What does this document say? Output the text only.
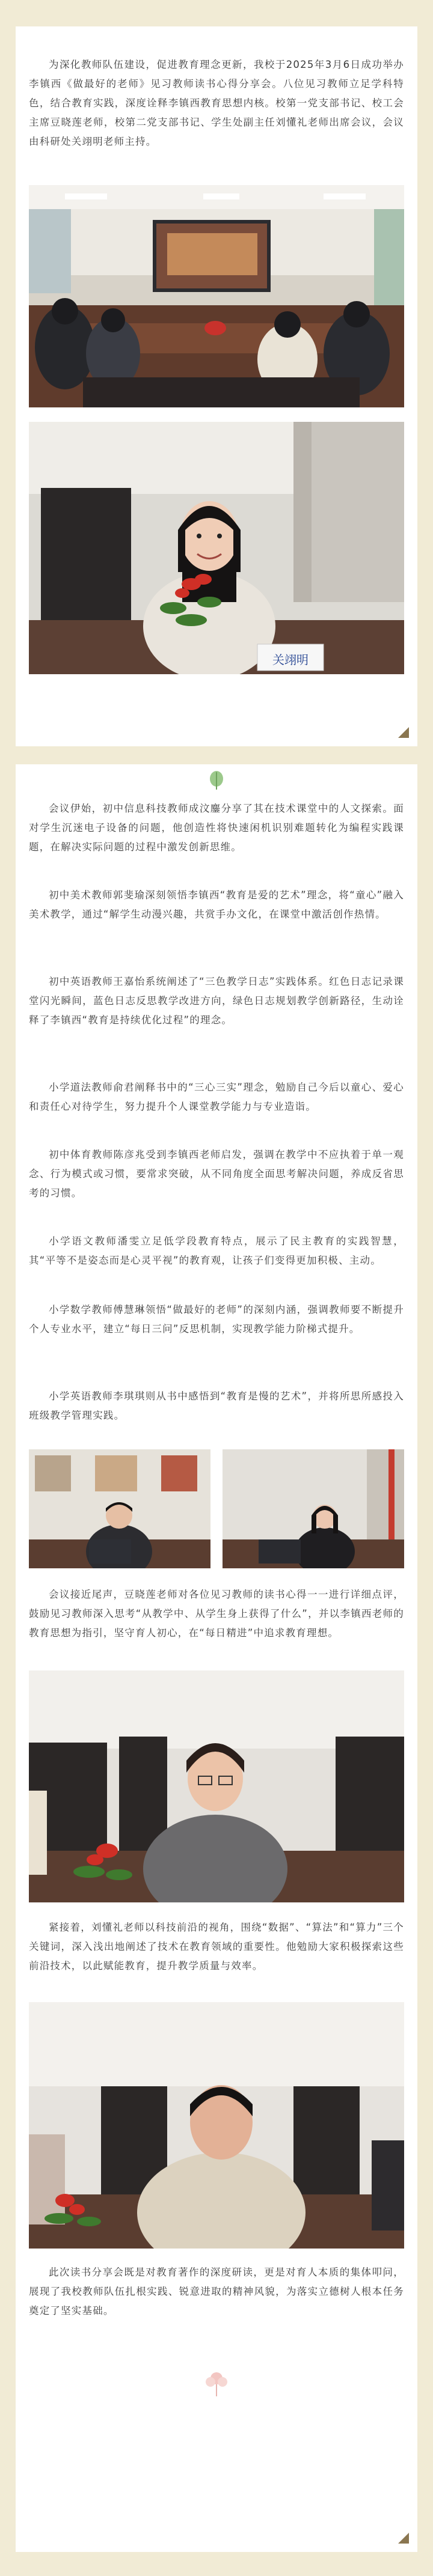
为深化教师队伍建设，促进教育理念更新，我校于2025年3月6日成功举办李镇西《做最好的老师》见习教师读书心得分享会。八位见习教师立足学科特色，结合教育实践，深度诠释李镇西教育思想内核。校第一党支部书记、校工会主席豆晓莲老师，校第二党支部书记、学生处副主任刘懂礼老师出席会议，会议由科研处关翊明老师主持。

关翊明

会议伊始，初中信息科技教师成汶鏖分享了其在技术课堂中的人文探索。面对学生沉迷电子设备的问题，他创造性将快速闲机识别难题转化为编程实践课题，在解决实际问题的过程中激发创新思维。

初中美术教师郭斐瑜深刻领悟李镇西“教育是爱的艺术”理念，将“童心”融入美术教学，通过“解学生动漫兴趣，共赏手办文化，在课堂中激活创作热情。

初中英语教师王嘉怡系统阐述了“三色教学日志”实践体系。红色日志记录课堂闪光瞬间，蓝色日志反思教学改进方向，绿色日志规划教学创新路径，生动诠释了李镇西“教育是持续优化过程”的理念。

小学道法教师俞君阐释书中的“三心三实”理念，勉励自己今后以童心、爱心和责任心对待学生，努力提升个人课堂教学能力与专业造诣。

初中体育教师陈彦兆受到李镇西老师启发，强调在教学中不应执着于单一观念、行为模式或习惯，要常求突破，从不同角度全面思考解决问题，养成反省思考的习惯。

小学语文教师潘雯立足低学段教育特点，展示了民主教育的实践智慧，其“平等不是姿态而是心灵平视”的教育观，让孩子们变得更加积极、主动。

小学数学教师傅慧琳领悟“做最好的老师”的深刻内涵，强调教师要不断提升个人专业水平，建立“每日三问”反思机制，实现教学能力阶梯式提升。

小学英语教师李琪琪则从书中感悟到“教育是慢的艺术”，并将所思所感投入班级教学管理实践。

会议接近尾声，豆晓莲老师对各位见习教师的读书心得一一进行详细点评，鼓励见习教师深入思考“从教学中、从学生身上获得了什么”，并以李镇西老师的教育思想为指引，坚守育人初心，在“每日精进”中追求教育理想。

紧接着，刘懂礼老师以科技前沿的视角，围绕“数据”、“算法”和“算力”三个关键词，深入浅出地阐述了技术在教育领域的重要性。他勉励大家积极探索这些前沿技术，以此赋能教育，提升教学质量与效率。

此次读书分享会既是对教育著作的深度研读，更是对育人本质的集体叩问，展现了我校教师队伍扎根实践、锐意进取的精神风貌，为落实立德树人根本任务奠定了坚实基础。
